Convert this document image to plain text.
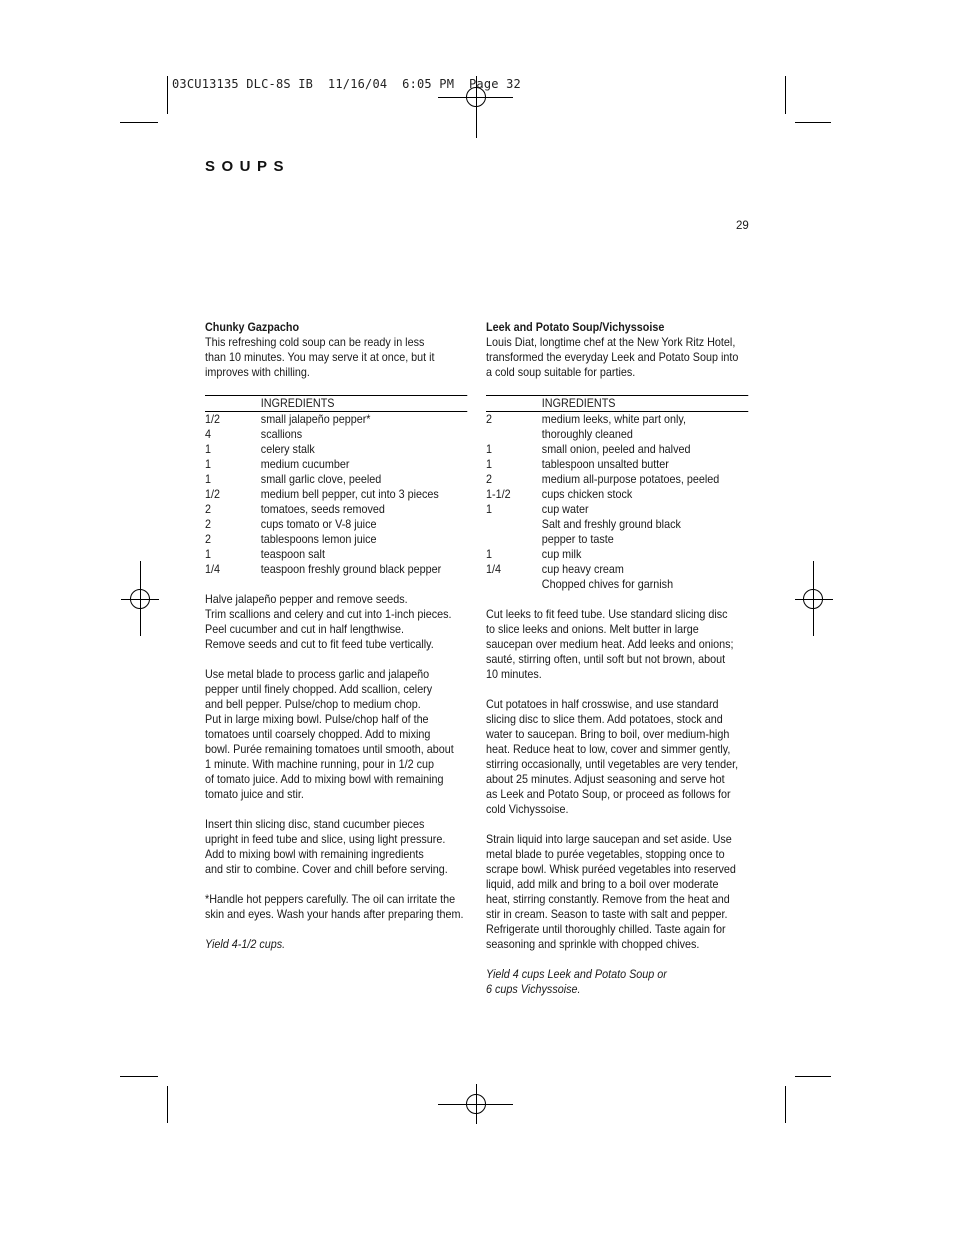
03CU13135 DLC-8S IB  11/16/04  6:05 PM  Page 32
SOUPS
29
Chunky Gazpacho
This refreshing cold soup can be ready in less
than 10 minutes. You may serve it at once, but it
improves with chilling.
INGREDIENTS
1/2	small jalapeño pepper*
4	scallions
1	celery stalk
1	medium cucumber
1	small garlic clove, peeled
1/2	medium bell pepper, cut into 3 pieces
2	tomatoes, seeds removed
2	cups tomato or V-8 juice
2	tablespoons lemon juice
1	teaspoon salt
1/4	teaspoon freshly ground black pepper
Halve jalapeño pepper and remove seeds.
Trim scallions and celery and cut into 1-inch pieces.
Peel cucumber and cut in half lengthwise.
Remove seeds and cut to fit feed tube vertically.
Use metal blade to process garlic and jalapeño
pepper until finely chopped. Add scallion, celery
and bell pepper. Pulse/chop to medium chop.
Put in large mixing bowl. Pulse/chop half of the
tomatoes until coarsely chopped. Add to mixing
bowl. Purée remaining tomatoes until smooth, about
1 minute. With machine running, pour in 1/2 cup
of tomato juice. Add to mixing bowl with remaining
tomato juice and stir.
Insert thin slicing disc, stand cucumber pieces
upright in feed tube and slice, using light pressure.
Add to mixing bowl with remaining ingredients
and stir to combine. Cover and chill before serving.
*Handle hot peppers carefully. The oil can irritate the
skin and eyes. Wash your hands after preparing them.
Yield 4-1/2 cups.
Leek and Potato Soup/Vichyssoise
Louis Diat, longtime chef at the New York Ritz Hotel,
transformed the everyday Leek and Potato Soup into
a cold soup suitable for parties.
INGREDIENTS
2	medium leeks, white part only,
thoroughly cleaned
1	small onion, peeled and halved
1	tablespoon unsalted butter
2	medium all-purpose potatoes, peeled
1-1/2	cups chicken stock
1	cup water
Salt and freshly ground black
pepper to taste
1	cup milk
1/4	cup heavy cream
Chopped chives for garnish
Cut leeks to fit feed tube. Use standard slicing disc
to slice leeks and onions. Melt butter in large
saucepan over medium heat. Add leeks and onions;
sauté, stirring often, until soft but not brown, about
10 minutes.
Cut potatoes in half crosswise, and use standard
slicing disc to slice them. Add potatoes, stock and
water to saucepan. Bring to boil, over medium-high
heat. Reduce heat to low, cover and simmer gently,
stirring occasionally, until vegetables are very tender,
about 25 minutes. Adjust seasoning and serve hot
as Leek and Potato Soup, or proceed as follows for
cold Vichyssoise.
Strain liquid into large saucepan and set aside. Use
metal blade to purée vegetables, stopping once to
scrape bowl. Whisk puréed vegetables into reserved
liquid, add milk and bring to a boil over moderate
heat, stirring constantly. Remove from the heat and
stir in cream. Season to taste with salt and pepper.
Refrigerate until thoroughly chilled. Taste again for
seasoning and sprinkle with chopped chives.
Yield 4 cups Leek and Potato Soup or
6 cups Vichyssoise.
